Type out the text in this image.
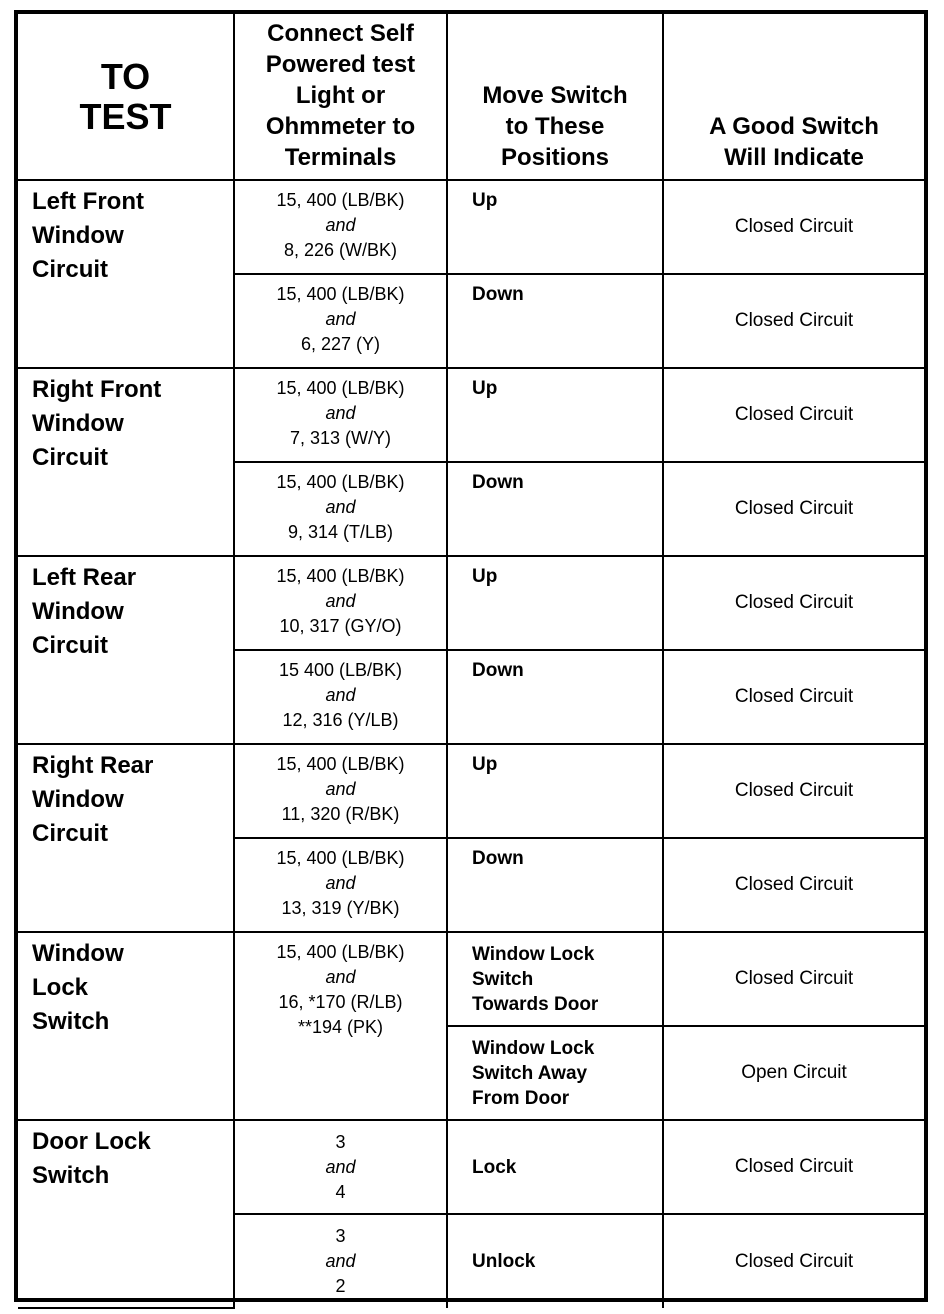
TO
TEST	Connect Self Powered test Light or Ohmmeter to Terminals	Move Switch to These Positions	A Good Switch Will Indicate
Left Front
Window
Circuit	15, 400 (LB/BK)
and
8, 226 (W/BK)	Up	Closed Circuit

	15, 400 (LB/BK)
and
6, 227 (Y)	Down	Closed Circuit
Right Front
Window
Circuit	15, 400 (LB/BK)
and
7, 313 (W/Y)	Up	Closed Circuit

	15, 400 (LB/BK)
and
9, 314 (T/LB)	Down	Closed Circuit
Left Rear
Window
Circuit	15, 400 (LB/BK)
and
10, 317 (GY/O)	Up	Closed Circuit

	15 400 (LB/BK)
and
12, 316 (Y/LB)	Down	Closed Circuit
Right Rear
Window
Circuit	15, 400 (LB/BK)
and
11, 320 (R/BK)	Up	Closed Circuit

	15, 400 (LB/BK)
and
13, 319 (Y/BK)	Down	Closed Circuit
Window
Lock
Switch	15, 400 (LB/BK)
and
16, *170 (R/LB)
**194 (PK)	Window Lock
Switch
Towards Door	Closed Circuit
		Window Lock
Switch Away
From Door	Open Circuit
Door Lock
Switch	3
and
4	Lock	Closed Circuit

	3
and
2	Unlock	Closed Circuit
